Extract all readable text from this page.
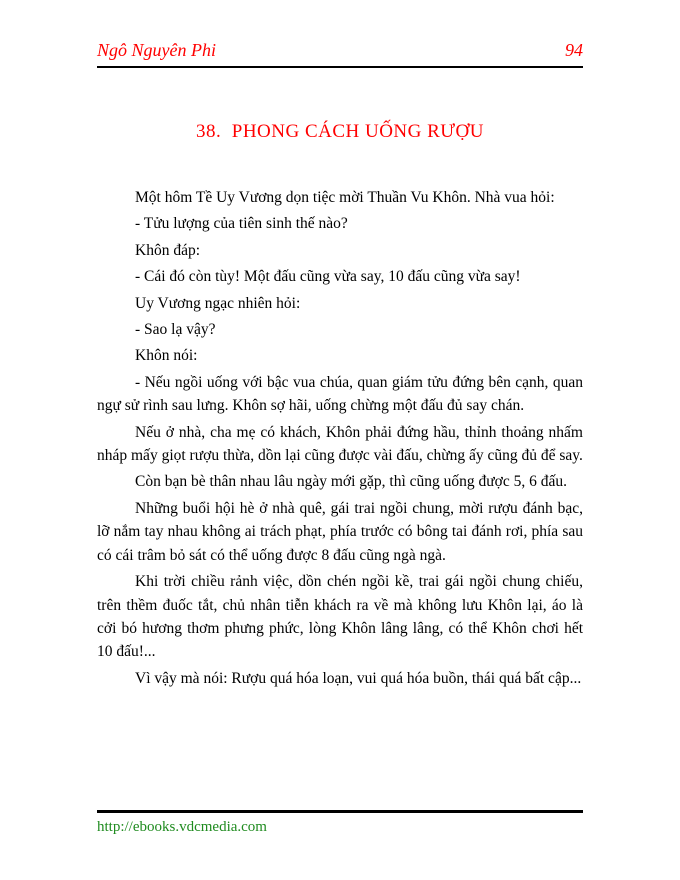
Ngô Nguyên Phi	94
38.  PHONG CÁCH UỐNG RƯỢU

Một hôm Tề Uy Vương dọn tiệc mời Thuần Vu Khôn. Nhà vua hỏi:

- Tửu lượng của tiên sinh thế nào?

Khôn đáp:

- Cái đó còn tùy! Một đấu cũng vừa say, 10 đấu cũng vừa say!

Uy Vương ngạc nhiên hỏi:

- Sao lạ vậy?

Khôn nói:

- Nếu ngồi uống với bậc vua chúa, quan giám tửu đứng bên cạnh, quan ngự sử rình sau lưng. Khôn sợ hãi, uống chừng một đấu đủ say chán.

Nếu ở nhà, cha mẹ có khách, Khôn phải đứng hầu, thỉnh thoảng nhấm nháp mấy giọt rượu thừa, dồn lại cũng được vài đấu, chừng ấy cũng đủ để say.

Còn bạn bè thân nhau lâu ngày mới gặp, thì cũng uống được 5, 6 đấu.

Những buổi hội hè ở nhà quê, gái trai ngồi chung, mời rượu đánh bạc, lỡ nắm tay nhau không ai trách phạt, phía trước có bông tai đánh rơi, phía sau có cái trâm bỏ sát có thể uống được 8 đấu cũng ngà ngà.

Khi trời chiều rảnh việc, dồn chén ngồi kề, trai gái ngồi chung chiếu, trên thềm đuốc tắt, chủ nhân tiễn khách ra về mà không lưu Khôn lại, áo là cởi bó hương thơm phưng phức, lòng Khôn lâng lâng, có thể Khôn chơi hết 10 đấu!...

Vì vậy mà nói: Rượu quá hóa loạn, vui quá hóa buồn, thái quá bất cập...

http://ebooks.vdcmedia.com
